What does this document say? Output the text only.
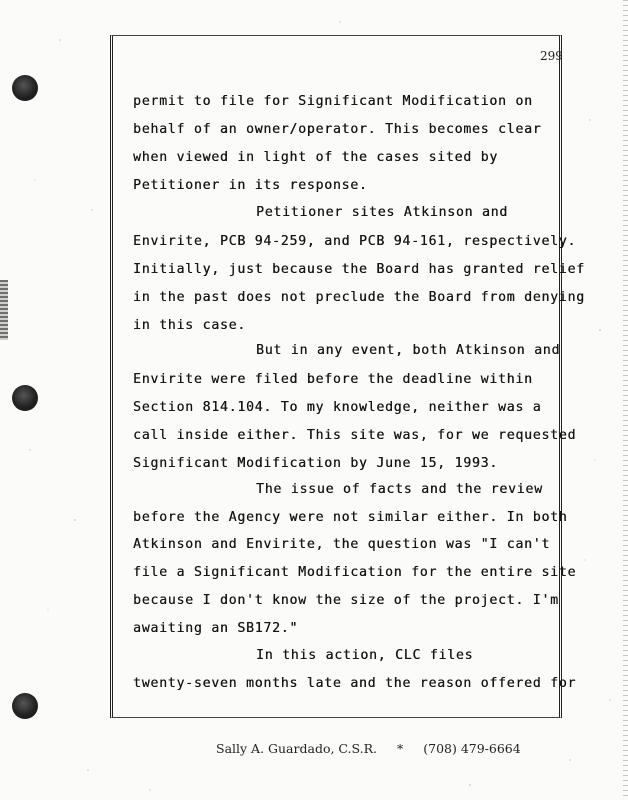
299
permit to file for Significant Modification on
behalf of an owner/operator. This becomes clear
when viewed in light of the cases sited by
Petitioner in its response.
Petitioner sites Atkinson and
Envirite, PCB 94-259, and PCB 94-161, respectively.
Initially, just because the Board has granted relief
in the past does not preclude the Board from denying
in this case.
But in any event, both Atkinson and
Envirite were filed before the deadline within
Section 814.104. To my knowledge, neither was a
call inside either. This site was, for we requested
Significant Modification by June 15, 1993.
The issue of facts and the review
before the Agency were not similar either. In both
Atkinson and Envirite, the question was "I can't
file a Significant Modification for the entire site
because I don't know the size of the project. I'm
awaiting an SB172."
In this action, CLC files
twenty-seven months late and the reason offered for
Sally A. Guardado, C.S.R. * (708) 479-6664
